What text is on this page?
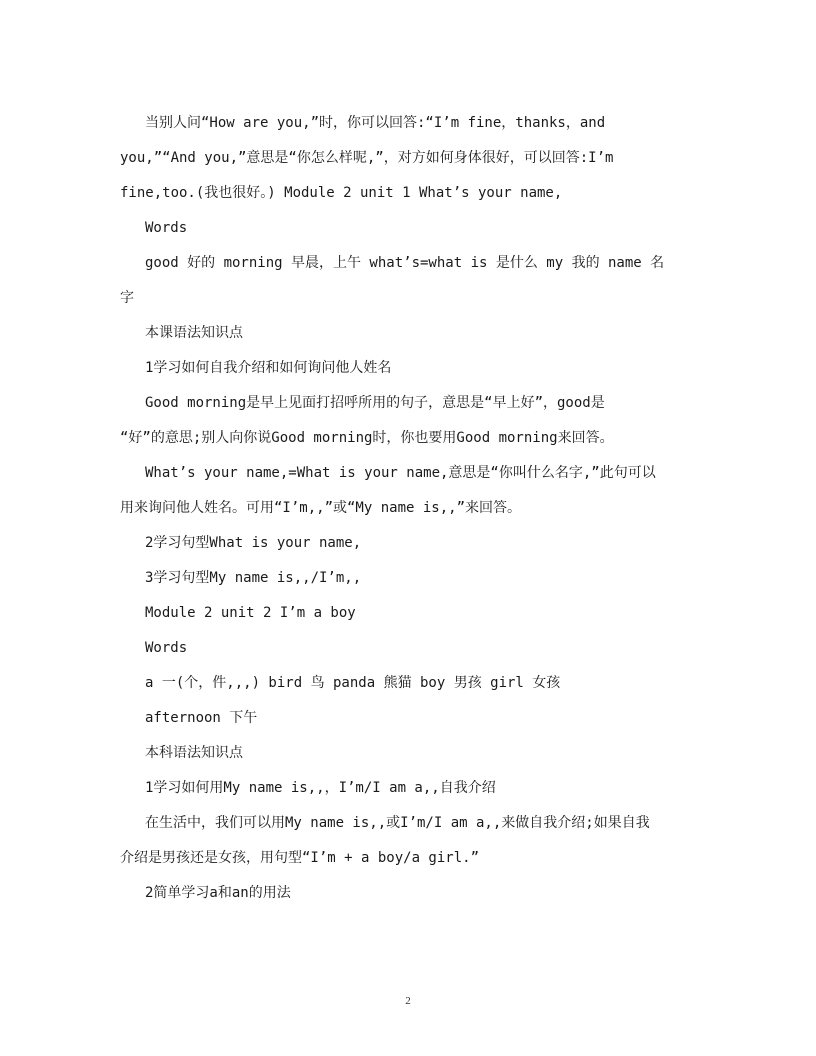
当别人问“How are you,”时，你可以回答:“I’m fine，thanks，and
you,”“And you,”意思是“你怎么样呢,”，对方如何身体很好，可以回答:I’m
fine,too.(我也很好。) Module 2 unit 1 What’s your name,
Words
good 好的 morning 早晨，上午 what’s=what is 是什么 my 我的 name 名
字
本课语法知识点
1学习如何自我介绍和如何询问他人姓名
Good morning是早上见面打招呼所用的句子，意思是“早上好”，good是
“好”的意思;别人向你说Good morning时，你也要用Good morning来回答。
What’s your name,=What is your name,意思是“你叫什么名字,”此句可以
用来询问他人姓名。可用“I’m,,”或“My name is,,”来回答。
2学习句型What is your name,
3学习句型My name is,,/I’m,,
Module 2 unit 2 I’m a boy
Words
a 一(个，件,,,) bird 鸟 panda 熊猫 boy 男孩 girl 女孩
afternoon 下午
本科语法知识点
1学习如何用My name is,,，I’m/I am a,,自我介绍
在生活中，我们可以用My name is,,或I’m/I am a,,来做自我介绍;如果自我
介绍是男孩还是女孩，用句型“I’m + a boy/a girl.”
2简单学习a和an的用法
2
